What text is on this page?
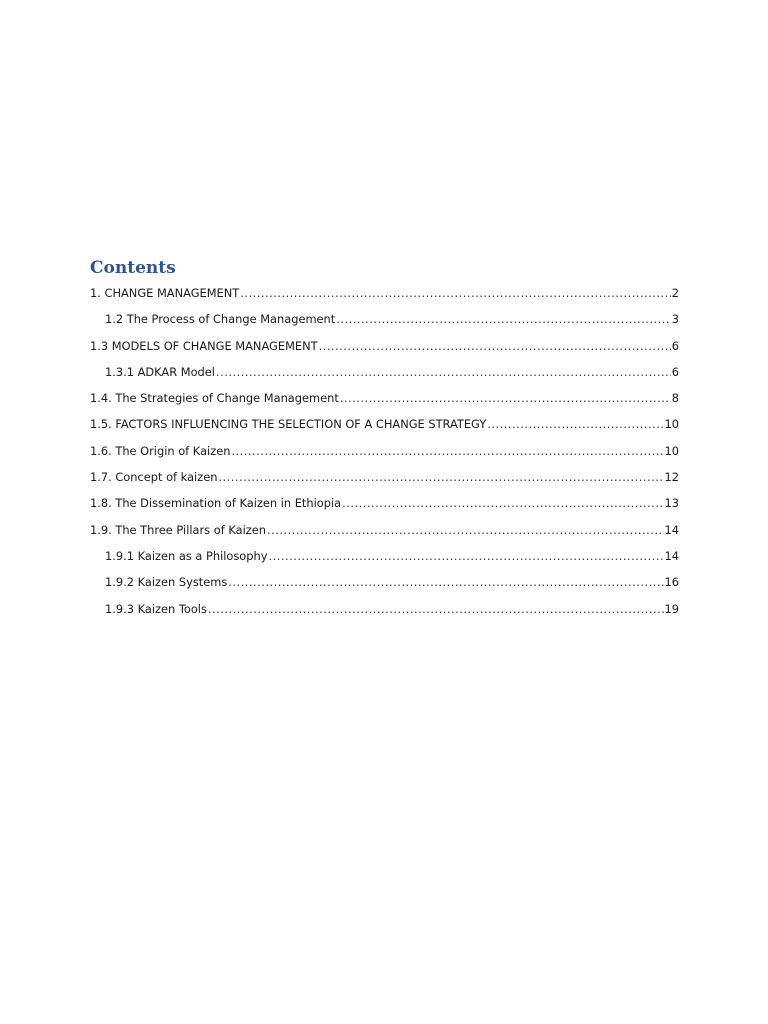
Contents
1. CHANGE MANAGEMENT .....	2
1.2 The Process of Change Management .....	3
1.3 MODELS OF CHANGE MANAGEMENT .....	6
1.3.1 ADKAR Model .....	6
1.4. The Strategies of Change Management .....	8
1.5. FACTORS INFLUENCING THE SELECTION OF A CHANGE STRATEGY .....	10
1.6. The Origin of Kaizen .....	10
1.7. Concept of kaizen .....	12
1.8. The Dissemination of Kaizen in Ethiopia .....	13
1.9. The Three Pillars of Kaizen .....	14
1.9.1 Kaizen as a Philosophy .....	14
1.9.2 Kaizen Systems .....	16
1.9.3 Kaizen Tools .....	19
